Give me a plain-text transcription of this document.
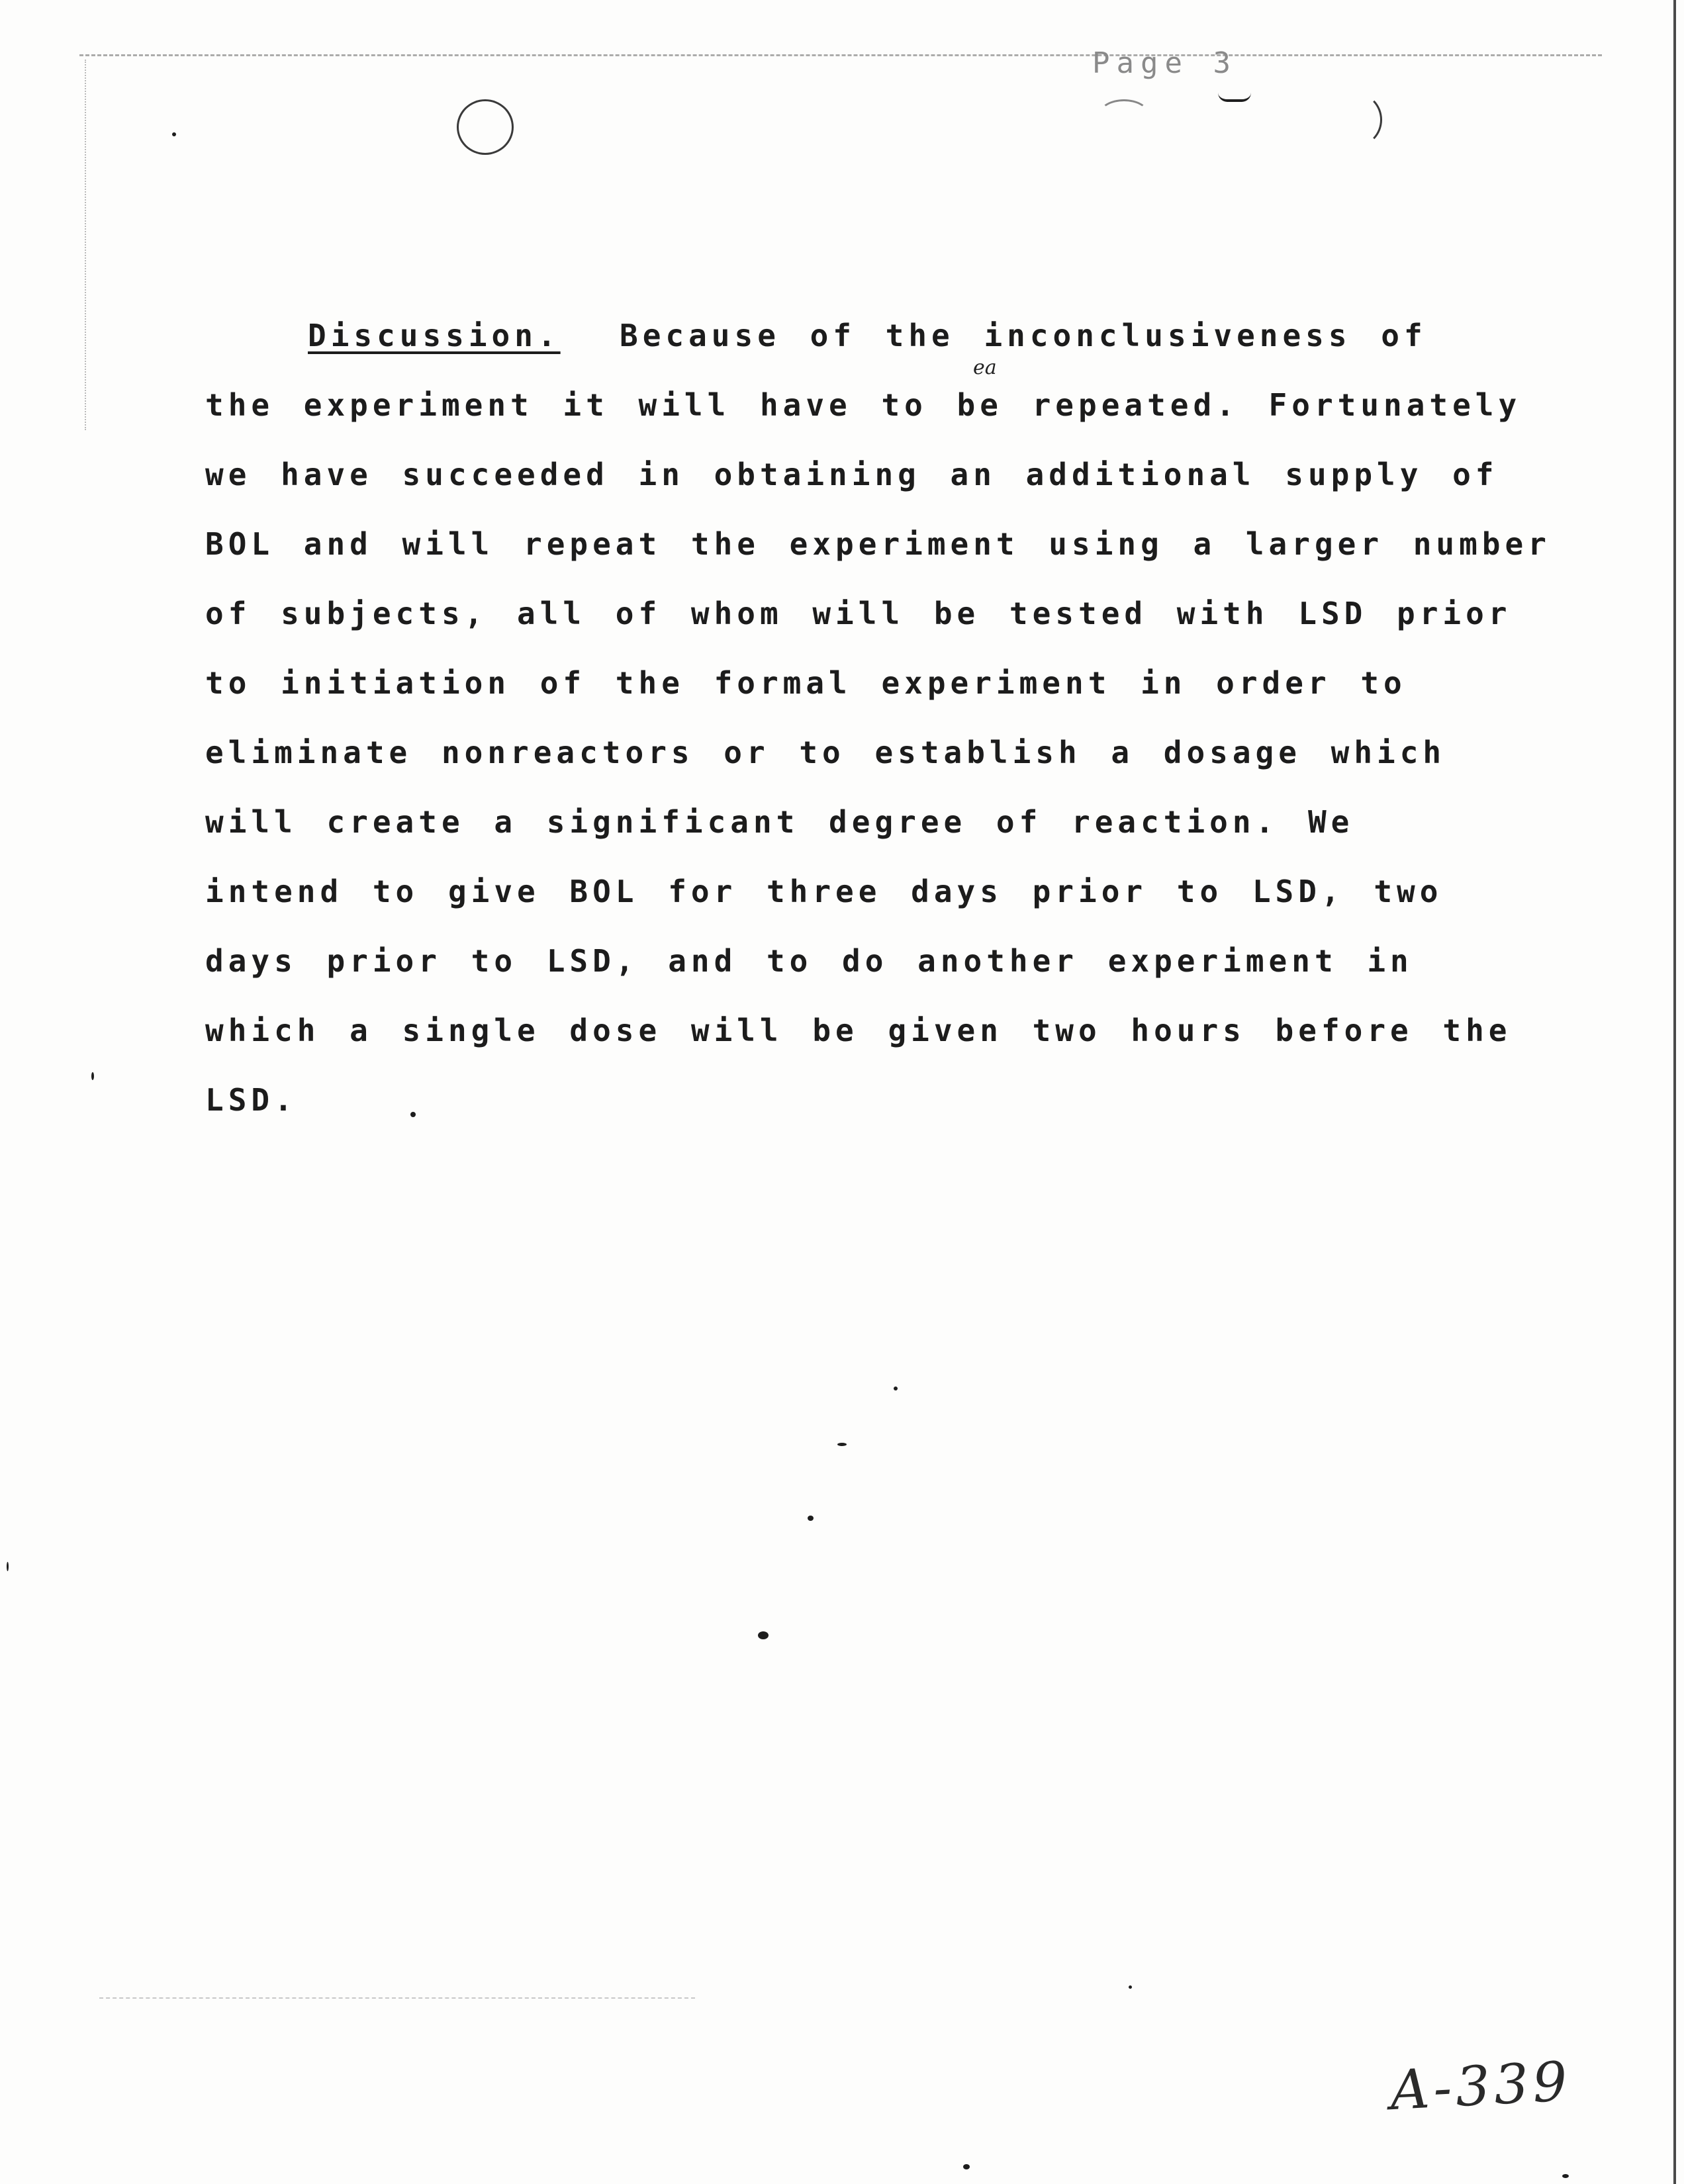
Page 3
ea
Discussion. Because of the inconclusiveness of
the experiment it will have to be repeated. Fortunately
we have succeeded in obtaining an additional supply of
BOL and will repeat the experiment using a larger number
of subjects, all of whom will be tested with LSD prior
to initiation of the formal experiment in order to
eliminate nonreactors or to establish a dosage which
will create a significant degree of reaction. We
intend to give BOL for three days prior to LSD, two
days prior to LSD, and to do another experiment in
which a single dose will be given two hours before the
LSD.
A-339
